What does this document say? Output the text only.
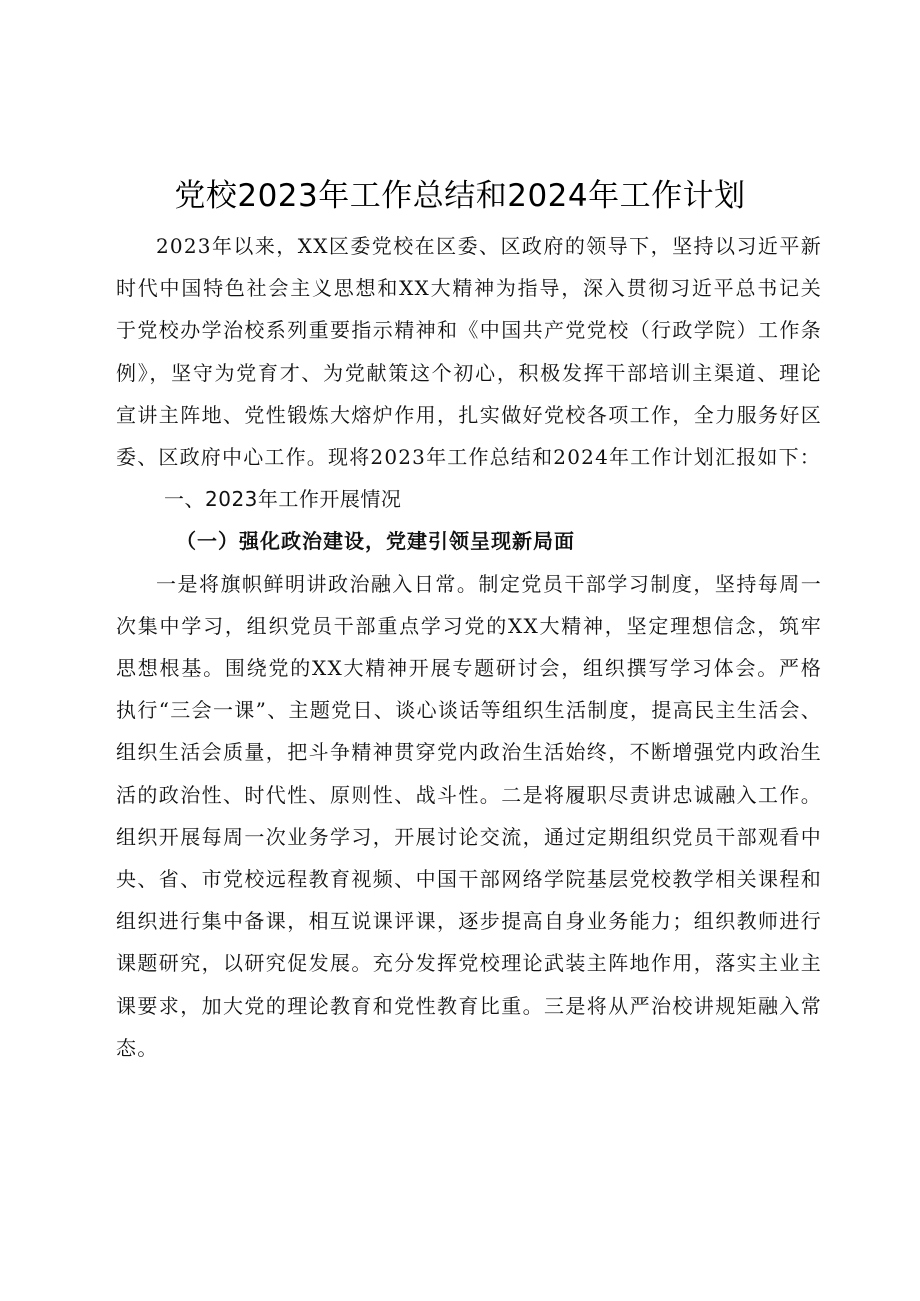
党校2023年工作总结和2024年工作计划

2023年以来，XX区委党校在区委、区政府的领导下，坚持以习近平新时代中国特色社会主义思想和XX大精神为指导，深入贯彻习近平总书记关于党校办学治校系列重要指示精神和《中国共产党党校（行政学院）工作条例》，坚守为党育才、为党献策这个初心，积极发挥干部培训主渠道、理论宣讲主阵地、党性锻炼大熔炉作用，扎实做好党校各项工作，全力服务好区委、区政府中心工作。现将2023年工作总结和2024年工作计划汇报如下：

一、2023年工作开展情况

（一）强化政治建设，党建引领呈现新局面

一是将旗帜鲜明讲政治融入日常。制定党员干部学习制度，坚持每周一次集中学习，组织党员干部重点学习党的XX大精神，坚定理想信念，筑牢思想根基。围绕党的XX大精神开展专题研讨会，组织撰写学习体会。严格执行“三会一课”、主题党日、谈心谈话等组织生活制度，提高民主生活会、组织生活会质量，把斗争精神贯穿党内政治生活始终，不断增强党内政治生活的政治性、时代性、原则性、战斗性。二是将履职尽责讲忠诚融入工作。组织开展每周一次业务学习，开展讨论交流，通过定期组织党员干部观看中央、省、市党校远程教育视频、中国干部网络学院基层党校教学相关课程和组织进行集中备课，相互说课评课，逐步提高自身业务能力；组织教师进行课题研究，以研究促发展。充分发挥党校理论武装主阵地作用，落实主业主课要求，加大党的理论教育和党性教育比重。三是将从严治校讲规矩融入常态。
